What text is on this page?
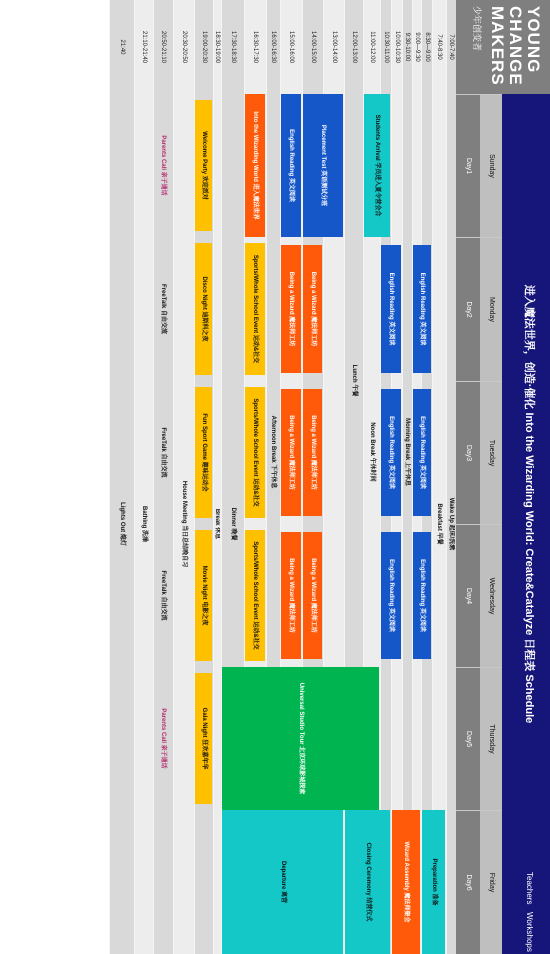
YOUNG
CHANGE
MAKERS
少年创变者
进入魔法世界，创造·催化 Into the Wizarding World: Create&Catalyze 日程表 Schedule
Teachers
Workshops
Sunday
Day1
Monday
Day2
Tuesday
Day3
Wednesday
Day4
Thursday
Day5
Friday
Day6
7:00-7:40
7:40-8:30
8:30—9:00
9:00—9:30
9:30-10:00
10:00-10:30
10:30-11:00
11:00-12:00
12:00-13:00
13:00-14:00
14:00-15:00
15:00-16:00
16:00-16:30
16:30-17:30
17:30-18:30
18:30-19:00
19:00-20:30
20:30-20:50
20:50-21:10
21:10-21:40
21:40
Wake Up 起床/洗漱
Breakfast 早餐
Preparation 准备
English Reading 英文阅读
English Reading 英文阅读
English Reading 英文阅读
Wizard Assembly 魔法师聚会
Morning Break 上午休息
English Reading 英文阅读
English Reading 英文阅读
English Reading 英文阅读
Students Arrival 学员进入夏令营会合
Noon Break 午休时间
Closing Ceremony 结营仪式
Universal Studio Tour 北京环球影城探索
Lunch 午餐
Placement Test 英语测试分班
English Reading 英文阅读
Being a Wizard 魔法师工坊
Being a Wizard 魔法师工坊
Being a Wizard 魔法师工坊
Being a Wizard 魔法师工坊
Being a Wizard 魔法师工坊
Being a Wizard 魔法师工坊
Departure 离营
Afternoon Break 下午休息
Into the Wizarding World 进入魔法世界
Sports/Whole School Event 运动&社交
Sports/Whole School Event 运动&社交
Sports/Whole School Event 运动&社交
Dinner 晚餐
Break 休息
Welcome Party 欢迎派对
Disco Night 迪斯科之夜
Fun Sport Game 趣味运动会
Movie Night 电影之夜
Gala Night 狂欢嘉年华
House Meeting 当日总结晚自习
Parents Call 亲子通话
FreeTalk 自由交流
FreeTalk 自由交流
FreeTalk 自由交流
Parents Call 亲子通话
Bathing 洗澡
Lights Out 熄灯
